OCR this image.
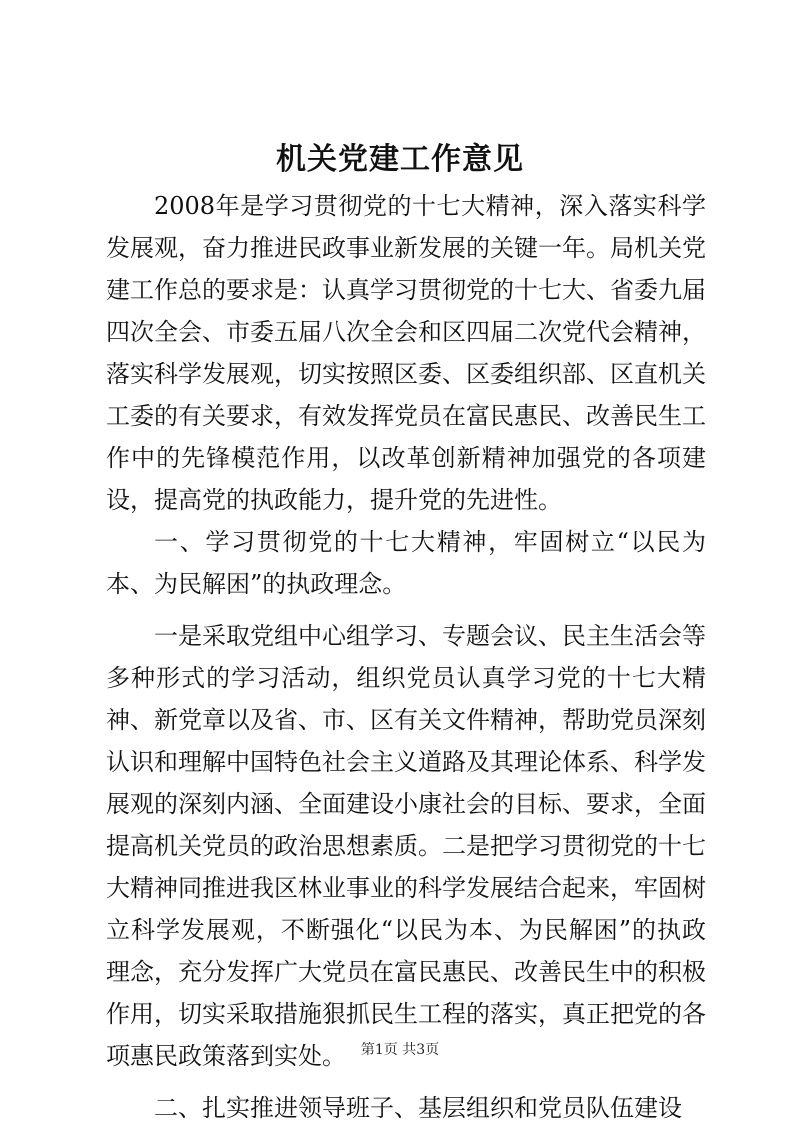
机关党建工作意见

2008年是学习贯彻党的十七大精神，深入落实科学发展观，奋力推进民政事业新发展的关键一年。局机关党建工作总的要求是：认真学习贯彻党的十七大、省委九届四次全会、市委五届八次全会和区四届二次党代会精神，落实科学发展观，切实按照区委、区委组织部、区直机关工委的有关要求，有效发挥党员在富民惠民、改善民生工作中的先锋模范作用，以改革创新精神加强党的各项建设，提高党的执政能力，提升党的先进性。

一、学习贯彻党的十七大精神，牢固树立“以民为本、为民解困”的执政理念。

一是采取党组中心组学习、专题会议、民主生活会等多种形式的学习活动，组织党员认真学习党的十七大精神、新党章以及省、市、区有关文件精神，帮助党员深刻认识和理解中国特色社会主义道路及其理论体系、科学发展观的深刻内涵、全面建设小康社会的目标、要求，全面提高机关党员的政治思想素质。二是把学习贯彻党的十七大精神同推进我区林业事业的科学发展结合起来，牢固树立科学发展观，不断强化“以民为本、为民解困”的执政理念，充分发挥广大党员在富民惠民、改善民生中的积极作用，切实采取措施狠抓民生工程的落实，真正把党的各项惠民政策落到实处。

二、扎实推进领导班子、基层组织和党员队伍建设

第1页 共3页
